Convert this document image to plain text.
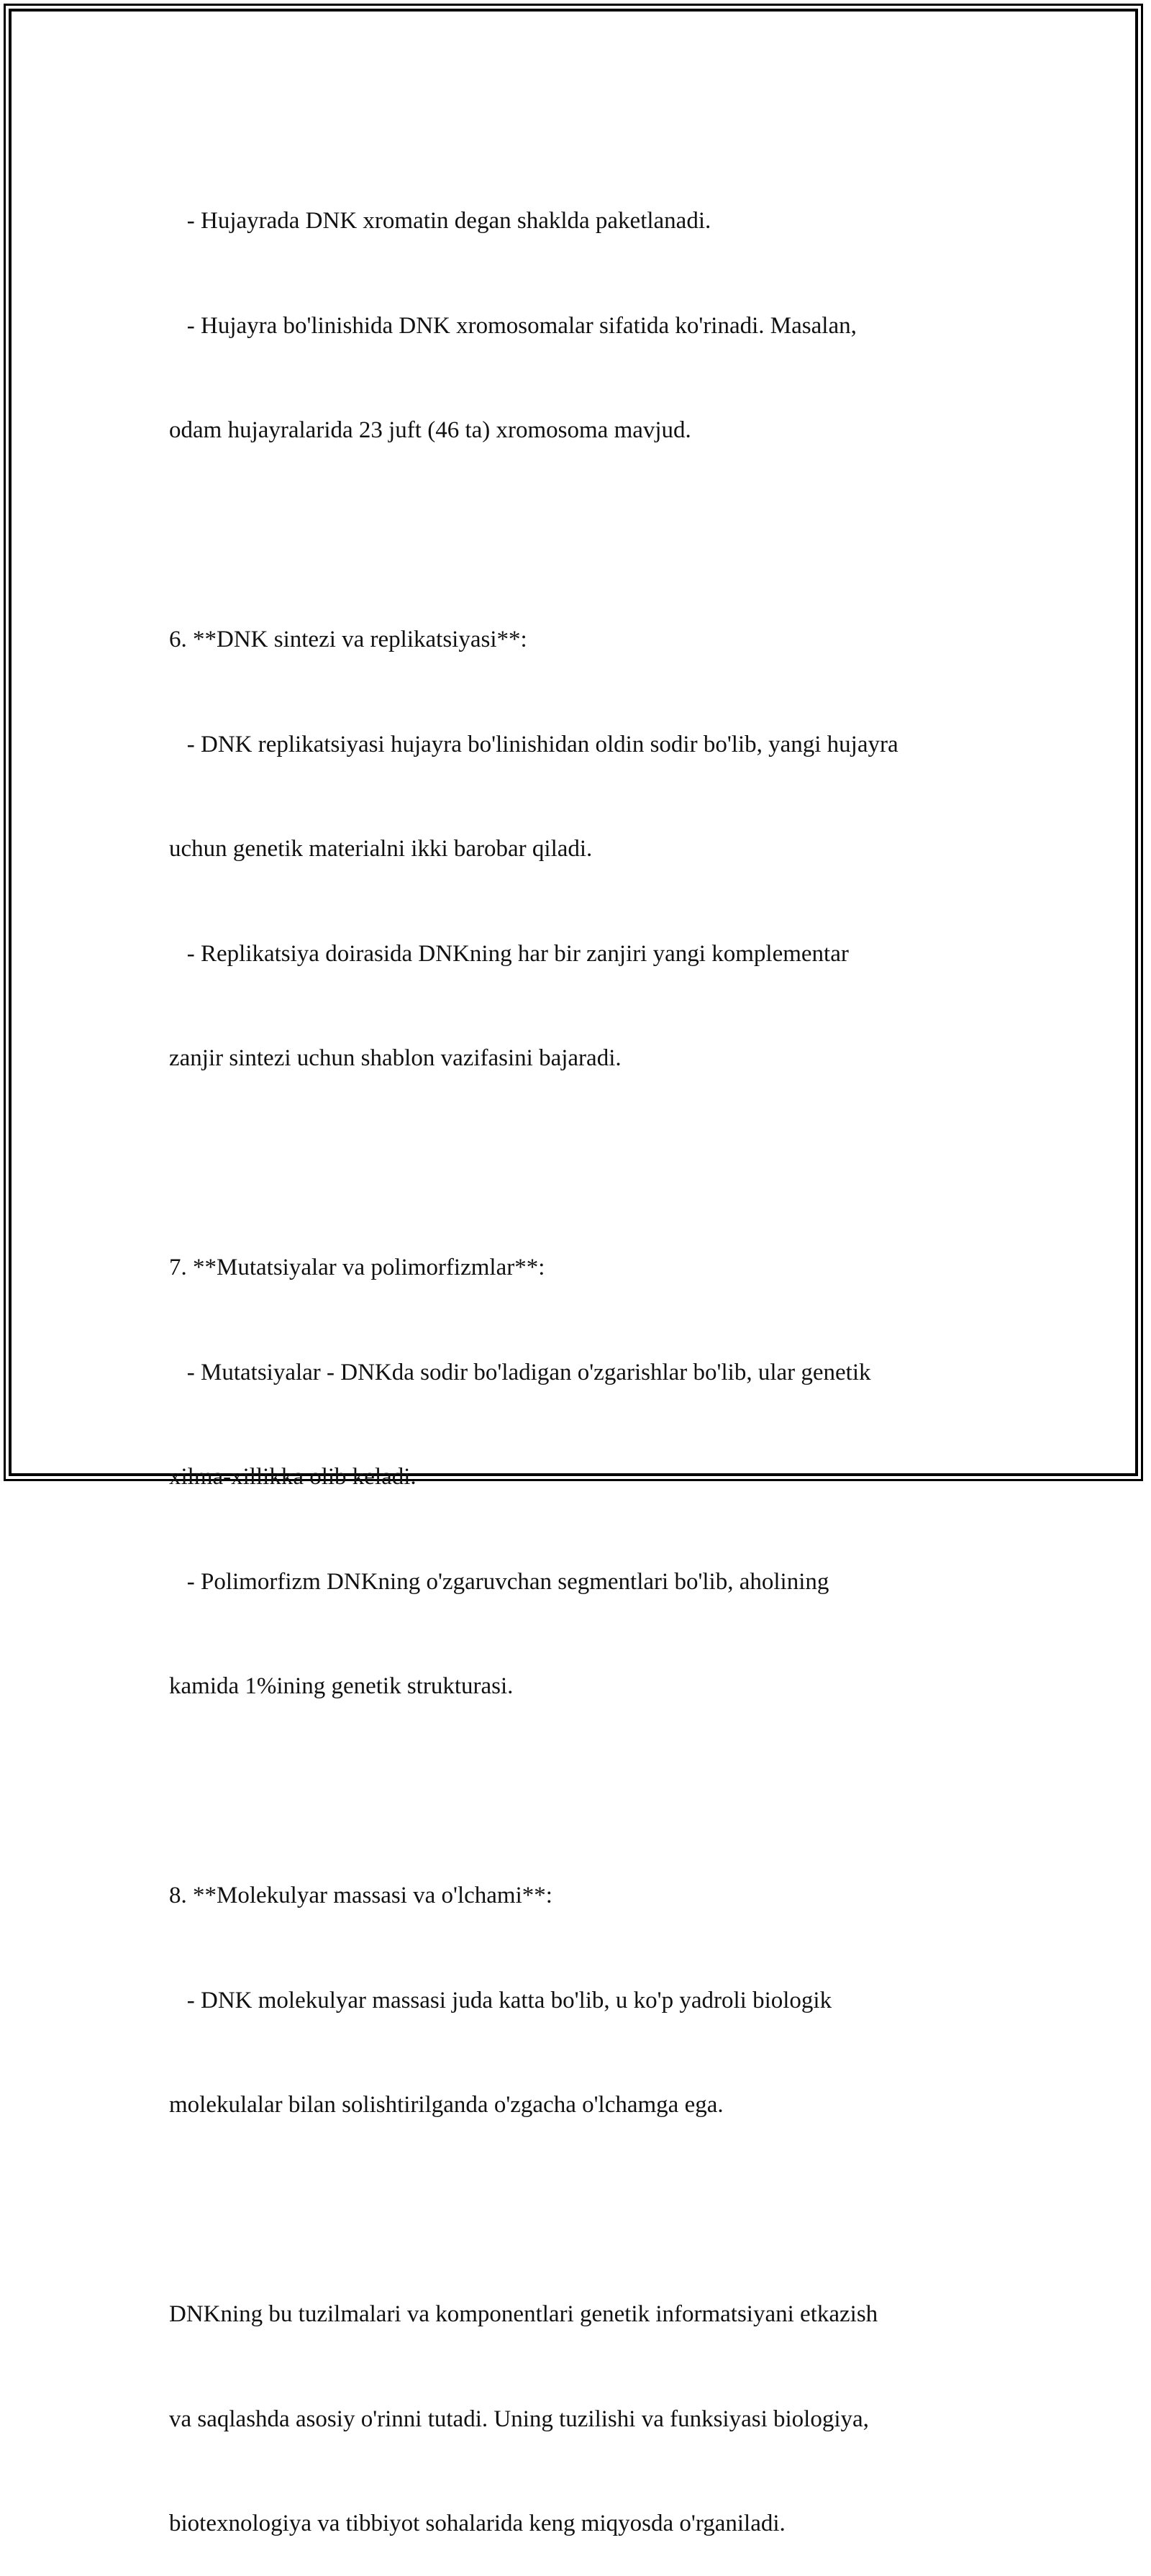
- Hujayrada DNK xromatin degan shaklda paketlanadi.

- Hujayra bo'linishida DNK xromosomalar sifatida ko'rinadi. Masalan,

odam hujayralarida 23 juft (46 ta) xromosoma mavjud.

6. **DNK sintezi va replikatsiyasi**:

- DNK replikatsiyasi hujayra bo'linishidan oldin sodir bo'lib, yangi hujayra

uchun genetik materialni ikki barobar qiladi.

- Replikatsiya doirasida DNKning har bir zanjiri yangi komplementar

zanjir sintezi uchun shablon vazifasini bajaradi.

7. **Mutatsiyalar va polimorfizmlar**:

- Mutatsiyalar - DNKda sodir bo'ladigan o'zgarishlar bo'lib, ular genetik

xilma-xillikka olib keladi.

- Polimorfizm DNKning o'zgaruvchan segmentlari bo'lib, aholining

kamida 1%ining genetik strukturasi.

8. **Molekulyar massasi va o'lchami**:

- DNK molekulyar massasi juda katta bo'lib, u ko'p yadroli biologik

molekulalar bilan solishtirilganda o'zgacha o'lchamga ega.

DNKning bu tuzilmalari va komponentlari genetik informatsiyani etkazish

va saqlashda asosiy o'rinni tutadi. Uning tuzilishi va funksiyasi biologiya,

biotexnologiya va tibbiyot sohalarida keng miqyosda o'rganiladi.
